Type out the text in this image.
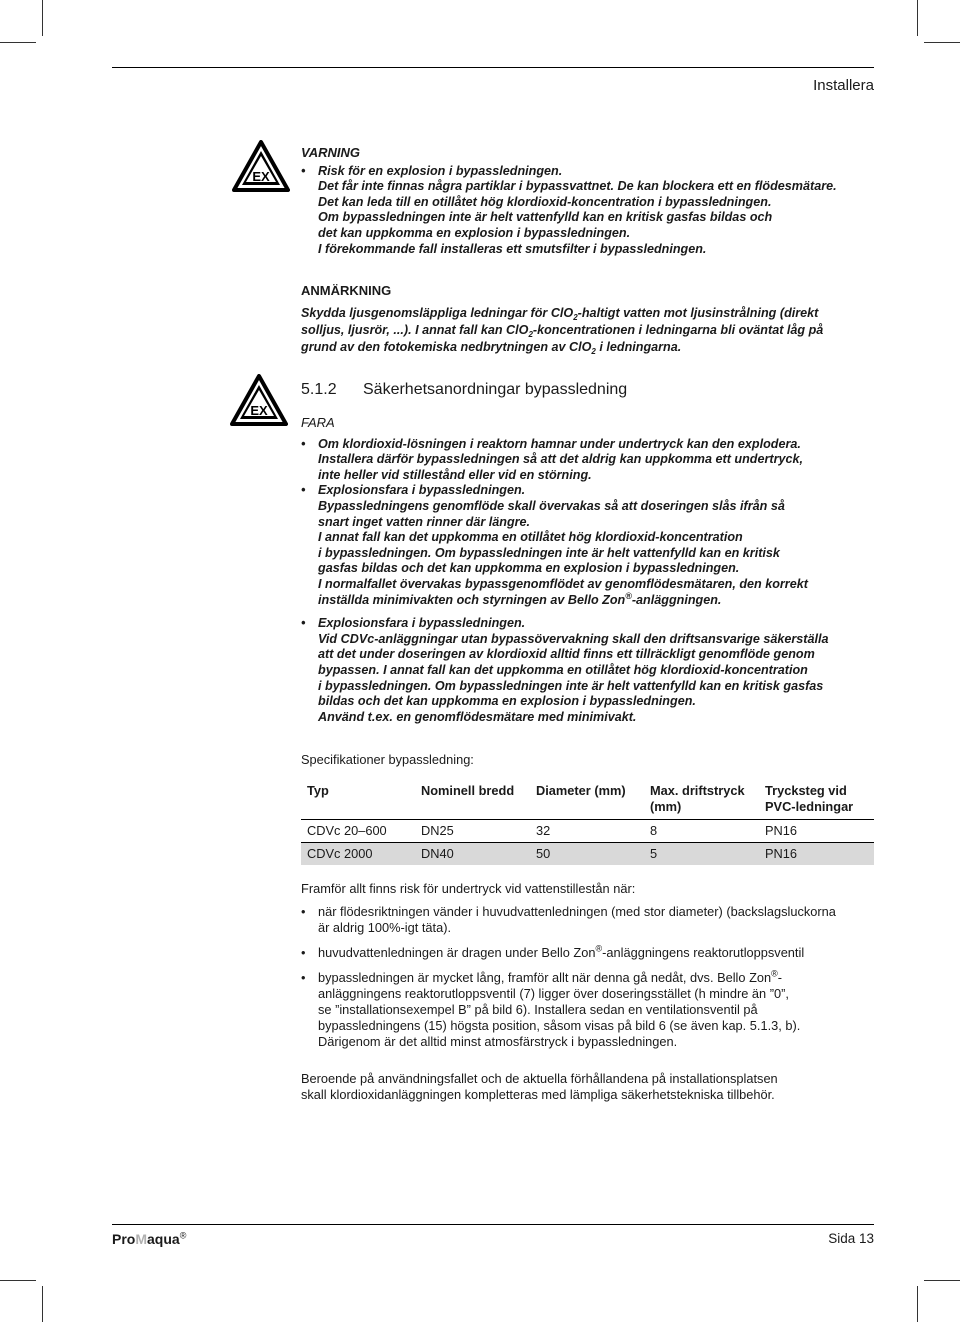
Installera
EX
VARNING
• Risk för en explosion i bypassledningen.
Det får inte finnas några partiklar i bypassvattnet. De kan blockera ett en flödesmätare.
Det kan leda till en otillåtet hög klordioxid-koncentration i bypassledningen.
Om bypassledningen inte är helt vattenfylld kan en kritisk gasfas bildas och
det kan uppkomma en explosion i bypassledningen.
I förekommande fall installeras ett smutsfilter i bypassledningen.
ANMÄRKNING
Skydda ljusgenomsläppliga ledningar för ClO$_2$-haltigt vatten mot ljusinstrålning (direkt
solljus, ljusrör, ...). I annat fall kan ClO$_2$-koncentrationen i ledningarna bli oväntat låg på
grund av den fotokemiska nedbrytningen av ClO$_2$ i ledningarna.
EX
5.1.2 Säkerhetsanordningar bypassledning
FARA
• Om klordioxid-lösningen i reaktorn hamnar under undertryck kan den explodera.
Installera därför bypassledningen så att det aldrig kan uppkomma ett undertryck,
inte heller vid stillestånd eller vid en störning.
• Explosionsfara i bypassledningen.
Bypassledningens genomflöde skall övervakas så att doseringen slås ifrån så
snart inget vatten rinner där längre.
I annat fall kan det uppkomma en otillåtet hög klordioxid-koncentration
i bypassledningen. Om bypassledningen inte är helt vattenfylld kan en kritisk
gasfas bildas och det kan uppkomma en explosion i bypassledningen.
I normalfallet övervakas bypassgenomflödet av genomflödesmätaren, den korrekt
inställda minimivakten och styrningen av Bello Zon®-anläggningen.
• Explosionsfara i bypassledningen.
Vid CDVc-anläggningar utan bypassövervakning skall den driftsansvarige säkerställa
att det under doseringen av klordioxid alltid finns ett tillräckligt genomflöde genom
bypassen. I annat fall kan det uppkomma en otillåtet hög klordioxid-koncentration
i bypassledningen. Om bypassledningen inte är helt vattenfylld kan en kritisk gasfas
bildas och det kan uppkomma en explosion i bypassledningen.
Använd t.ex. en genomflödesmätare med minimivakt.
Specifikationer bypassledning:
Typ	Nominell bredd	Diameter (mm)	Max. driftstryck (mm)	Trycksteg vid PVC-ledningar
CDVc 20–600	DN25	32	8	PN16
CDVc 2000	DN40	50	5	PN16
Framför allt finns risk för undertryck vid vattenstillestån när:
• när flödesriktningen vänder i huvudvattenledningen (med stor diameter) (backslagsluckorna
är aldrig 100%-igt täta).
• huvudvattenledningen är dragen under Bello Zon®-anläggningens reaktorutloppsventil
• bypassledningen är mycket lång, framför allt när denna gå nedåt, dvs. Bello Zon®-
anläggningens reaktorutloppsventil (7) ligger över doseringsstället (h mindre än ”0”,
se ”installationsexempel B” på bild 6). Installera sedan en ventilationsventil på
bypassledningens (15) högsta position, såsom visas på bild 6 (se även kap. 5.1.3, b).
Därigenom är det alltid minst atmosfärstryck i bypassledningen.
Beroende på användningsfallet och de aktuella förhållandena på installationsplatsen
skall klordioxidanläggningen kompletteras med lämpliga säkerhetstekniska tillbehör.
ProMaqua®	Sida 13
